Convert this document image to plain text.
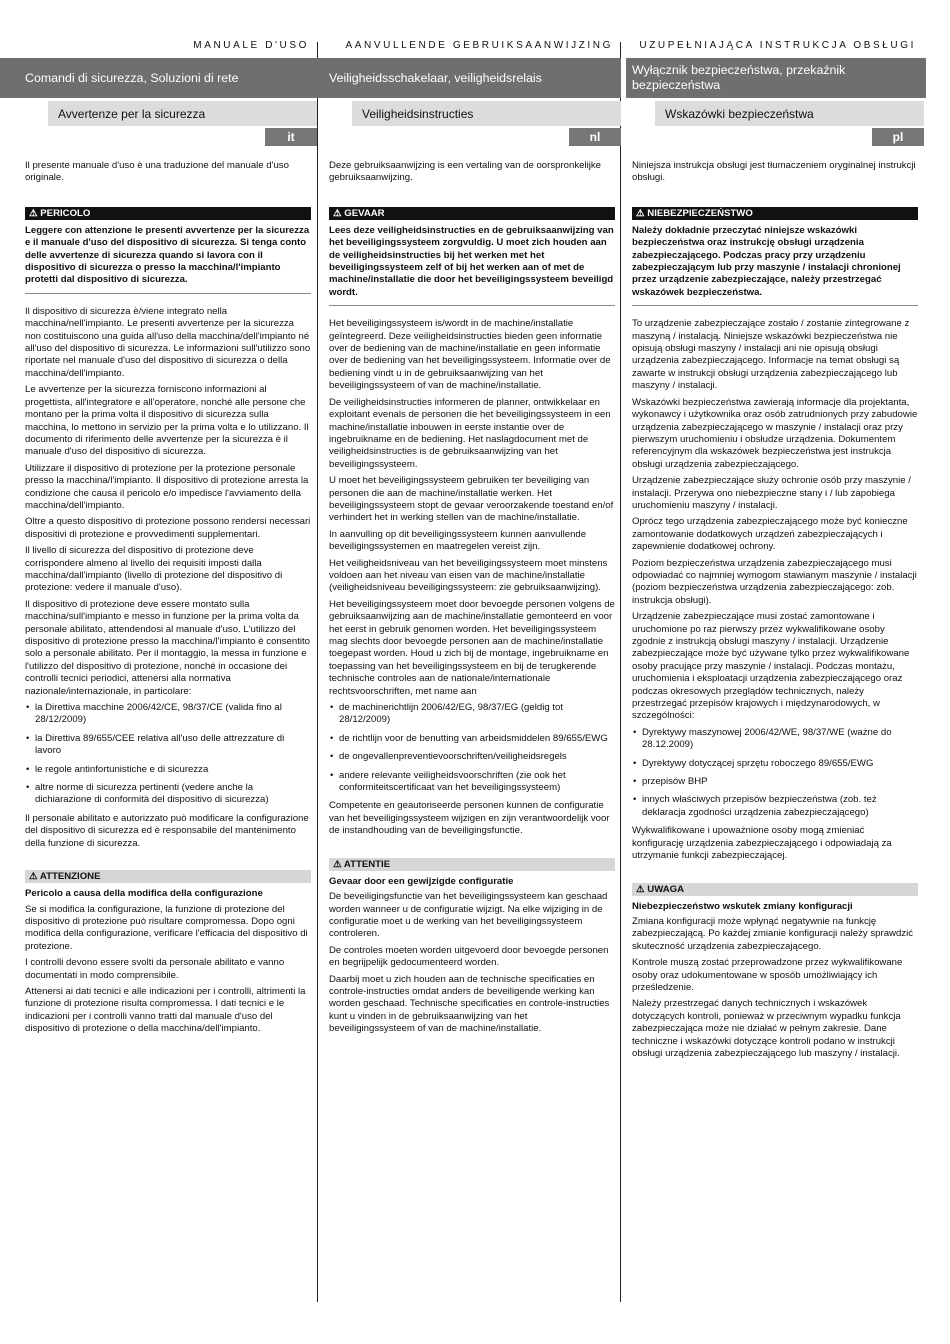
MANUALE D'USO
Comandi di sicurezza, Soluzioni di rete
Avvertenze per la sicurezza
it

Il presente manuale d'uso è una traduzione del manuale d'uso originale.

⚠ PERICOLO
Leggere con attenzione le presenti avvertenze per la sicurezza e il manuale d'uso del dispositivo di sicurezza. Si tenga conto delle avvertenze di sicurezza quando si lavora con il dispositivo di sicurezza o presso la macchina/l'impianto protetti dal dispositivo di sicurezza.

Il dispositivo di sicurezza è/viene integrato nella macchina/nell'impianto. Le presenti avvertenze per la sicurezza non costituiscono una guida all'uso della macchina/dell'impianto né all'uso del dispositivo di sicurezza. Le informazioni sull'utilizzo sono riportate nel manuale d'uso del dispositivo di sicurezza o della macchina/dell'impianto.

Le avvertenze per la sicurezza forniscono informazioni al progettista, all'integratore e all'operatore, nonché alle persone che montano per la prima volta il dispositivo di sicurezza sulla macchina, lo mettono in servizio per la prima volta e lo utilizzano. Il documento di riferimento delle avvertenze per la sicurezza è il manuale d'uso del dispositivo di sicurezza.

Utilizzare il dispositivo di protezione per la protezione personale presso la macchina/l'impianto. Il dispositivo di protezione arresta la condizione che causa il pericolo e/o impedisce l'avviamento della macchina/dell'impianto.

Oltre a questo dispositivo di protezione possono rendersi necessari dispositivi di protezione e provvedimenti supplementari.

Il livello di sicurezza del dispositivo di protezione deve corrispondere almeno al livello dei requisiti imposti dalla macchina/dall'impianto (livello di protezione del dispositivo di protezione: vedere il manuale d'uso).

Il dispositivo di protezione deve essere montato sulla macchina/sull'impianto e messo in funzione per la prima volta da personale abilitato, attendendosi al manuale d'uso. L'utilizzo del dispositivo di protezione presso la macchina/l'impianto è consentito solo a personale abilitato. Per il montaggio, la messa in funzione e l'utilizzo del dispositivo di protezione, nonché in occasione dei controlli tecnici periodici, attenersi alla normativa nazionale/internazionale, in particolare:

• la Direttiva macchine 2006/42/CE, 98/37/CE (valida fino al 28/12/2009)
• la Direttiva 89/655/CEE relativa all'uso delle attrezzature di lavoro
• le regole antinfortunistiche e di sicurezza
• altre norme di sicurezza pertinenti (vedere anche la dichiarazione di conformità del dispositivo di sicurezza)

Il personale abilitato e autorizzato può modificare la configurazione del dispositivo di sicurezza ed è responsabile del mantenimento della funzione di sicurezza.

⚠ ATTENZIONE
Pericolo a causa della modifica della configurazione

Se si modifica la configurazione, la funzione di protezione del dispositivo di protezione può risultare compromessa. Dopo ogni modifica della configurazione, verificare l'efficacia del dispositivo di protezione.

I controlli devono essere svolti da personale abilitato e vanno documentati in modo comprensibile.

Attenersi ai dati tecnici e alle indicazioni per i controlli, altrimenti la funzione di protezione risulta compromessa. I dati tecnici e le indicazioni per i controlli vanno tratti dal manuale d'uso del dispositivo di protezione o della macchina/dell'impianto.

AANVULLENDE GEBRUIKSAANWIJZING
Veiligheidsschakelaar, veiligheidsrelais
Veiligheidsinstructies
nl

Deze gebruiksaanwijzing is een vertaling van de oorspronkelijke gebruiksaanwijzing.

⚠ GEVAAR
Lees deze veiligheidsinstructies en de gebruiksaanwijzing van het beveiligingssysteem zorgvuldig. U moet zich houden aan de veiligheidsinstructies bij het werken met het beveiligingssysteem zelf of bij het werken aan of met de machine/installatie die door het beveiligingssysteem beveiligd wordt.

Het beveiligingssysteem is/wordt in de machine/installatie geïntegreerd. Deze veiligheidsinstructies bieden geen informatie over de bediening van de machine/installatie en geen informatie over de bediening van het beveiligingssysteem. Informatie over de bediening vindt u in de gebruiksaanwijzing van het beveiligingssysteem of van de machine/installatie.

De veiligheidsinstructies informeren de planner, ontwikkelaar en exploitant evenals de personen die het beveiligingssysteem in een machine/installatie inbouwen in eerste instantie over de ingebruikname en de bediening. Het naslagdocument met de veiligheidsinstructies is de gebruiksaanwijzing van het beveiligingssysteem.

U moet het beveiligingssysteem gebruiken ter beveiliging van personen die aan de machine/installatie werken. Het beveiligingssysteem stopt de gevaar veroorzakende toestand en/of verhindert het in werking stellen van de machine/installatie.

In aanvulling op dit beveiligingssysteem kunnen aanvullende beveiligingssystemen en maatregelen vereist zijn.

Het veiligheidsniveau van het beveiligingssysteem moet minstens voldoen aan het niveau van eisen van de machine/installatie (veiligheidsniveau beveiligingssysteem: zie gebruiksaanwijzing).

Het beveiligingssysteem moet door bevoegde personen volgens de gebruiksaanwijzing aan de machine/installatie gemonteerd en voor het eerst in gebruik genomen worden. Het beveiligingssysteem mag slechts door bevoegde personen aan de machine/installatie toegepast worden. Houd u zich bij de montage, ingebruikname en toepassing van het beveiligingssysteem en bij de terugkerende technische controles aan de nationale/internationale rechtsvoorschriften, met name aan

• de machinerichtlijn 2006/42/EG, 98/37/EG (geldig tot 28/12/2009)
• de richtlijn voor de benutting van arbeidsmiddelen 89/655/EWG
• de ongevallenpreventievoorschriften/veiligheidsregels
• andere relevante veiligheidsvoorschriften (zie ook het conformiteitscertificaat van het beveiligingssysteem)

Competente en geautoriseerde personen kunnen de configuratie van het beveiligingssysteem wijzigen en zijn verantwoordelijk voor de instandhouding van de beveiligingsfunctie.

⚠ ATTENTIE
Gevaar door een gewijzigde configuratie

De beveiligingsfunctie van het beveiligingssysteem kan geschaad worden wanneer u de configuratie wijzigt. Na elke wijziging in de configuratie moet u de werking van het beveiligingssysteem controleren.

De controles moeten worden uitgevoerd door bevoegde personen en begrijpelijk gedocumenteerd worden.

Daarbij moet u zich houden aan de technische specificaties en controle-instructies omdat anders de beveiligende werking kan worden geschaad. Technische specificaties en controle-instructies kunt u vinden in de gebruiksaanwijzing van het beveiligingssysteem of van de machine/installatie.

UZUPEŁNIAJĄCA INSTRUKCJA OBSŁUGI
Wyłącznik bezpieczeństwa, przekaźnik bezpieczeństwa
Wskazówki bezpieczeństwa
pl

Niniejsza instrukcja obsługi jest tłumaczeniem oryginalnej instrukcji obsługi.

⚠ NIEBEZPIECZEŃSTWO
Należy dokładnie przeczytać niniejsze wskazówki bezpieczeństwa oraz instrukcję obsługi urządzenia zabezpieczającego. Podczas pracy przy urządzeniu zabezpieczającym lub przy maszynie / instalacji chronionej przez urządzenie zabezpieczające, należy przestrzegać wskazówek bezpieczeństwa.

To urządzenie zabezpieczające zostało / zostanie zintegrowane z maszyną / instalacją. Niniejsze wskazówki bezpieczeństwa nie opisują obsługi maszyny / instalacji ani nie opisują obsługi urządzenia zabezpieczającego. Informacje na temat obsługi są zawarte w instrukcji obsługi urządzenia zabezpieczającego lub maszyny / instalacji.

Wskazówki bezpieczeństwa zawierają informacje dla projektanta, wykonawcy i użytkownika oraz osób zatrudnionych przy zabudowie urządzenia zabezpieczającego w maszynie / instalacji oraz przy pierwszym uruchomieniu i obsłudze urządzenia. Dokumentem referencyjnym dla wskazówek bezpieczeństwa jest instrukcja obsługi urządzenia zabezpieczającego.

Urządzenie zabezpieczające służy ochronie osób przy maszynie / instalacji. Przerywa ono niebezpieczne stany i / lub zapobiega uruchomieniu maszyny / instalacji.

Oprócz tego urządzenia zabezpieczającego może być konieczne zamontowanie dodatkowych urządzeń zabezpieczających i zapewnienie dodatkowej ochrony.

Poziom bezpieczeństwa urządzenia zabezpieczającego musi odpowiadać co najmniej wymogom stawianym maszynie / instalacji (poziom bezpieczeństwa urządzenia zabezpieczającego: zob. instrukcja obsługi).

Urządzenie zabezpieczające musi zostać zamontowane i uruchomione po raz pierwszy przez wykwalifikowane osoby zgodnie z instrukcją obsługi maszyny / instalacji. Urządzenie zabezpieczające może być używane tylko przez wykwalifikowane osoby pracujące przy maszynie / instalacji. Podczas montażu, uruchomienia i eksploatacji urządzenia zabezpieczającego oraz podczas okresowych przeglądów technicznych, należy przestrzegać przepisów krajowych i międzynarodowych, w szczególności:

• Dyrektywy maszynowej 2006/42/WE, 98/37/WE (ważne do 28.12.2009)
• Dyrektywy dotyczącej sprzętu roboczego 89/655/EWG
• przepisów BHP
• innych właściwych przepisów bezpieczeństwa (zob. też deklaracja zgodności urządzenia zabezpieczającego)

Wykwalifikowane i upoważnione osoby mogą zmieniać konfigurację urządzenia zabezpieczającego i odpowiadają za utrzymanie funkcji zabezpieczającej.

⚠ UWAGA
Niebezpieczeństwo wskutek zmiany konfiguracji

Zmiana konfiguracji może wpłynąć negatywnie na funkcję zabezpieczającą. Po każdej zmianie konfiguracji należy sprawdzić skuteczność urządzenia zabezpieczającego.

Kontrole muszą zostać przeprowadzone przez wykwalifikowane osoby oraz udokumentowane w sposób umożliwiający ich prześledzenie.

Należy przestrzegać danych technicznych i wskazówek dotyczących kontroli, ponieważ w przeciwnym wypadku funkcja zabezpieczająca może nie działać w pełnym zakresie. Dane techniczne i wskazówki dotyczące kontroli podano w instrukcji obsługi urządzenia zabezpieczającego lub maszyny / instalacji.
